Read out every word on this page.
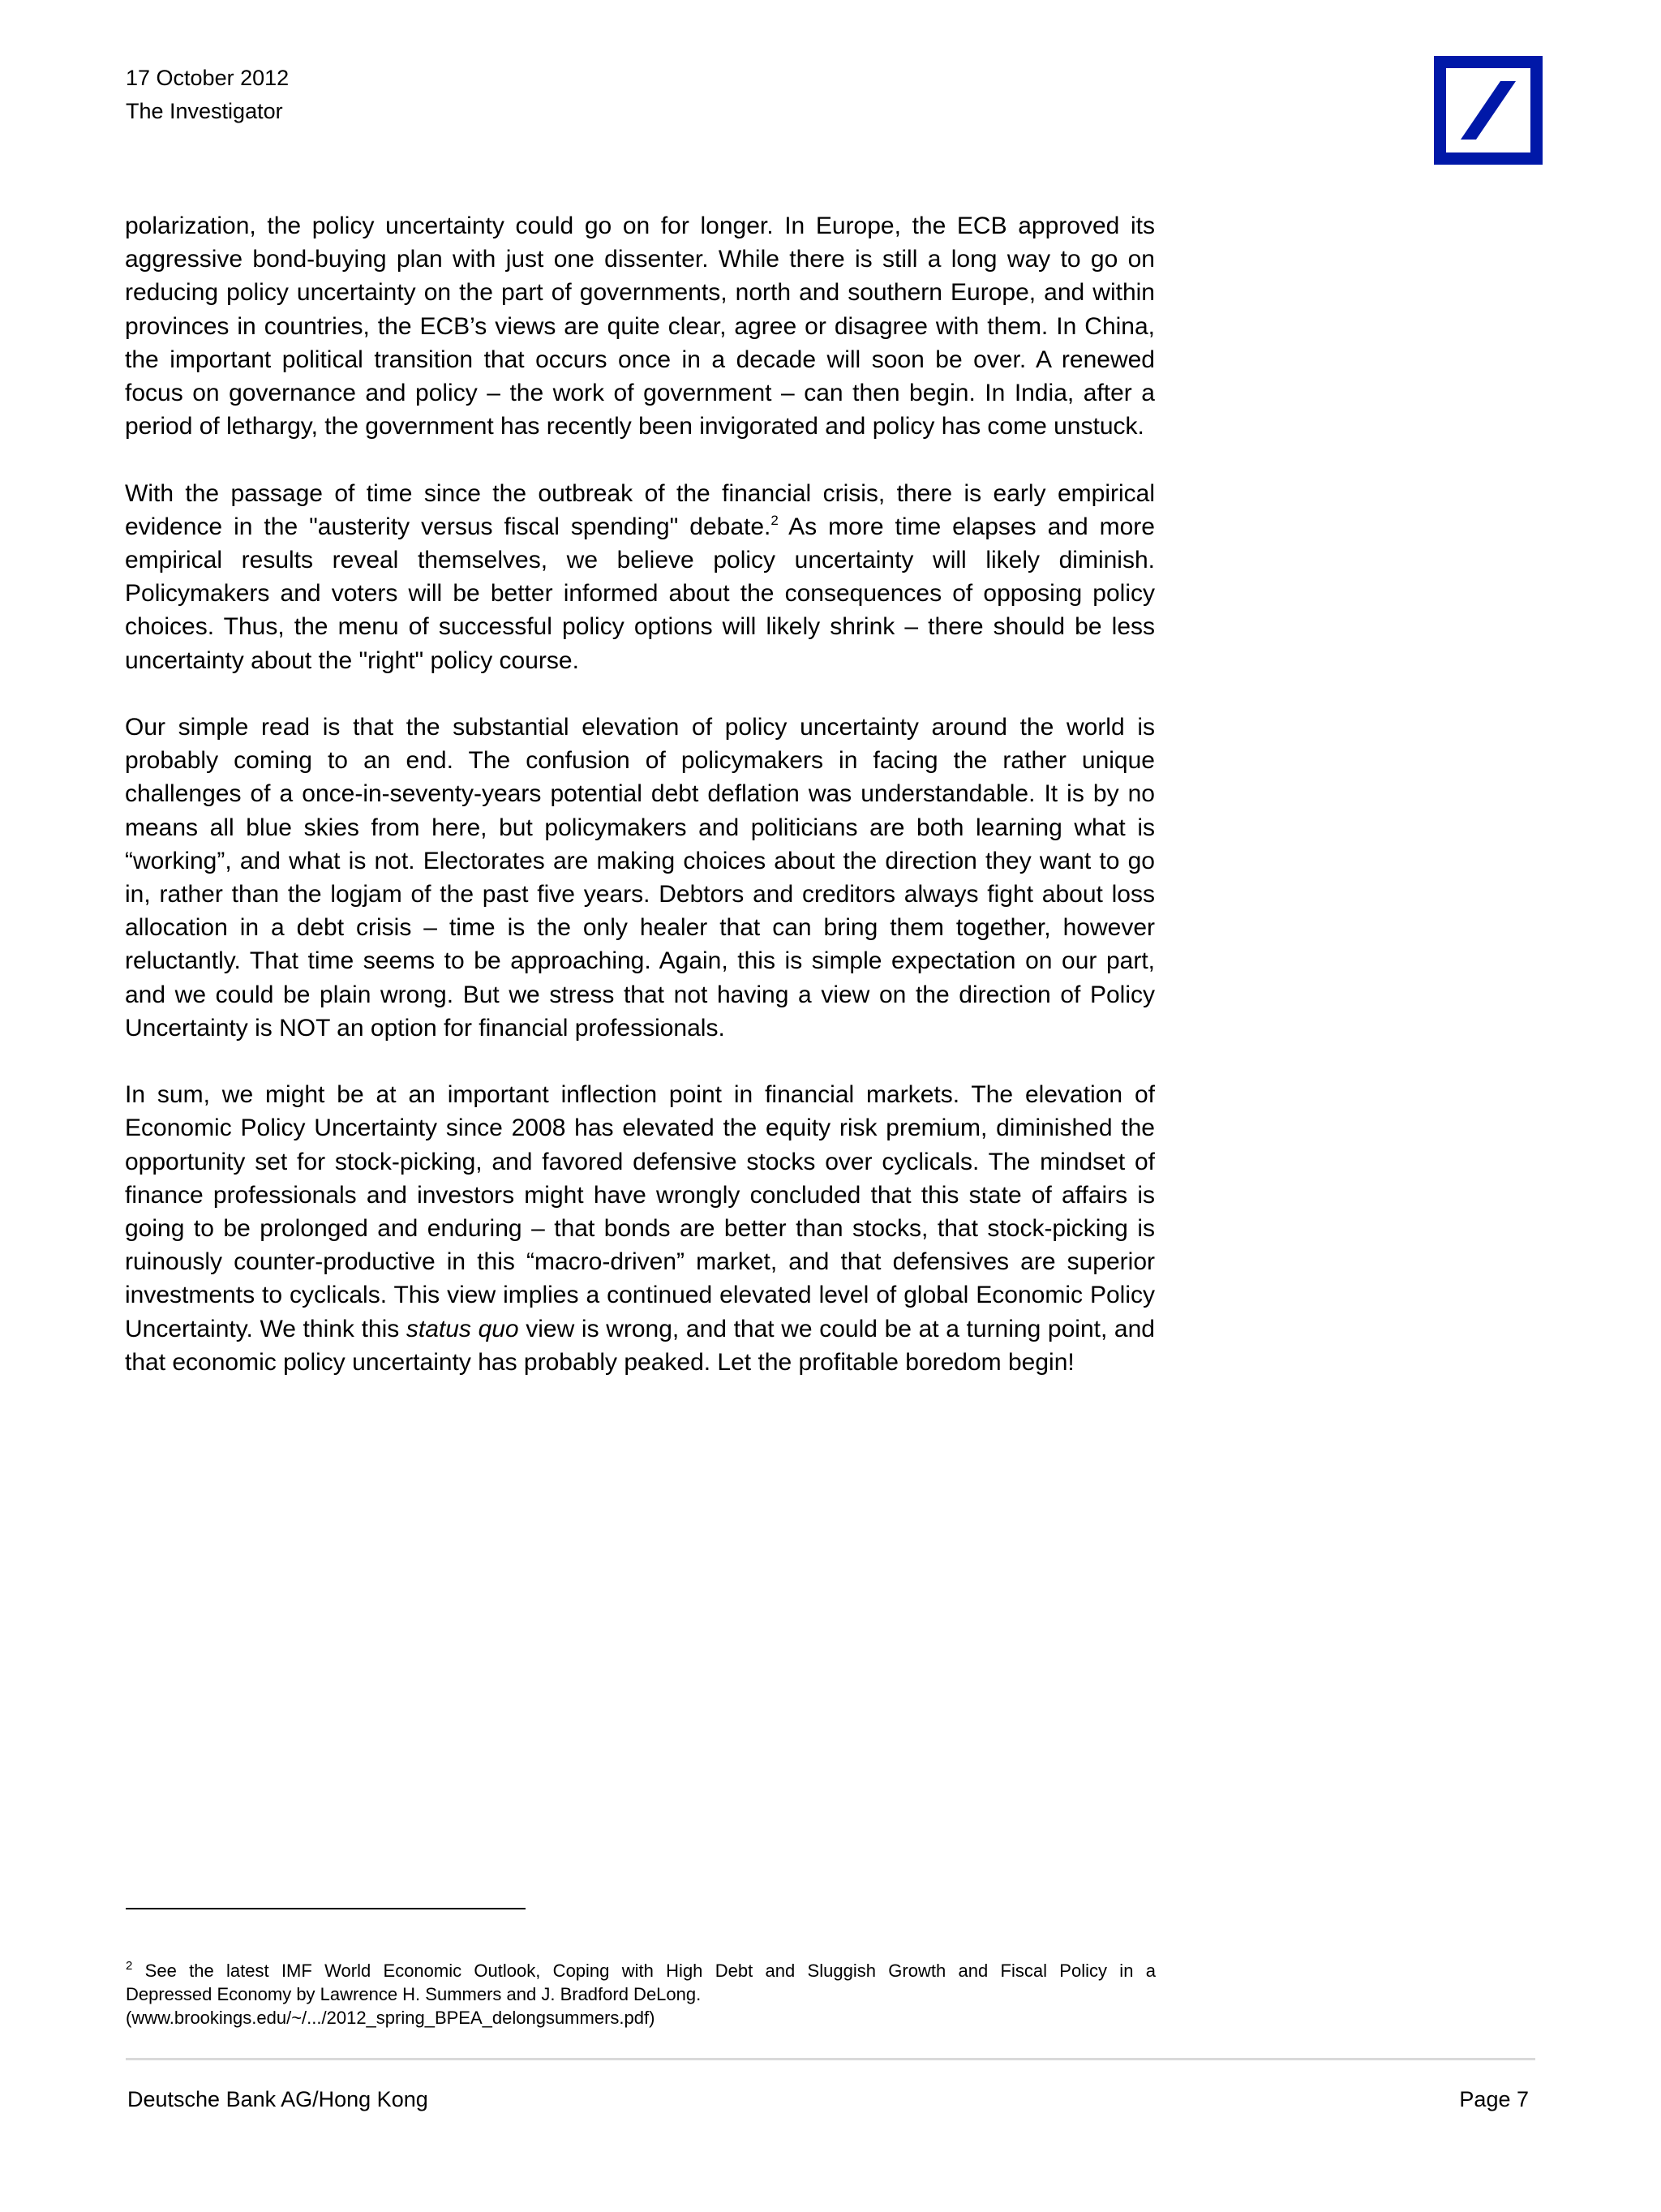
17 October 2012
The Investigator

polarization, the policy uncertainty could go on for longer. In Europe, the ECB approved its aggressive bond-buying plan with just one dissenter. While there is still a long way to go on reducing policy uncertainty on the part of governments, north and southern Europe, and within provinces in countries, the ECB’s views are quite clear, agree or disagree with them. In China, the important political transition that occurs once in a decade will soon be over. A renewed focus on governance and policy – the work of government – can then begin. In India, after a period of lethargy, the government has recently been invigorated and policy has come unstuck.

With the passage of time since the outbreak of the financial crisis, there is early empirical evidence in the "austerity versus fiscal spending" debate.$^2$ As more time elapses and more empirical results reveal themselves, we believe policy uncertainty will likely diminish. Policymakers and voters will be better informed about the consequences of opposing policy choices. Thus, the menu of successful policy options will likely shrink – there should be less uncertainty about the "right" policy course.

Our simple read is that the substantial elevation of policy uncertainty around the world is probably coming to an end. The confusion of policymakers in facing the rather unique challenges of a once-in-seventy-years potential debt deflation was understandable. It is by no means all blue skies from here, but policymakers and politicians are both learning what is “working”, and what is not. Electorates are making choices about the direction they want to go in, rather than the logjam of the past five years. Debtors and creditors always fight about loss allocation in a debt crisis – time is the only healer that can bring them together, however reluctantly. That time seems to be approaching. Again, this is simple expectation on our part, and we could be plain wrong. But we stress that not having a view on the direction of Policy Uncertainty is NOT an option for financial professionals.

In sum, we might be at an important inflection point in financial markets. The elevation of Economic Policy Uncertainty since 2008 has elevated the equity risk premium, diminished the opportunity set for stock-picking, and favored defensive stocks over cyclicals. The mindset of finance professionals and investors might have wrongly concluded that this state of affairs is going to be prolonged and enduring – that bonds are better than stocks, that stock-picking is ruinously counter-productive in this “macro-driven” market, and that defensives are superior investments to cyclicals. This view implies a continued elevated level of global Economic Policy Uncertainty. We think this status quo view is wrong, and that we could be at a turning point, and that economic policy uncertainty has probably peaked. Let the profitable boredom begin!

$^2$ See the latest IMF World Economic Outlook, Coping with High Debt and Sluggish Growth and Fiscal Policy in a
Depressed Economy by Lawrence H. Summers and J. Bradford DeLong.
(www.brookings.edu/~/.../2012_spring_BPEA_delongsummers.pdf)
Deutsche Bank AG/Hong Kong	Page 7
